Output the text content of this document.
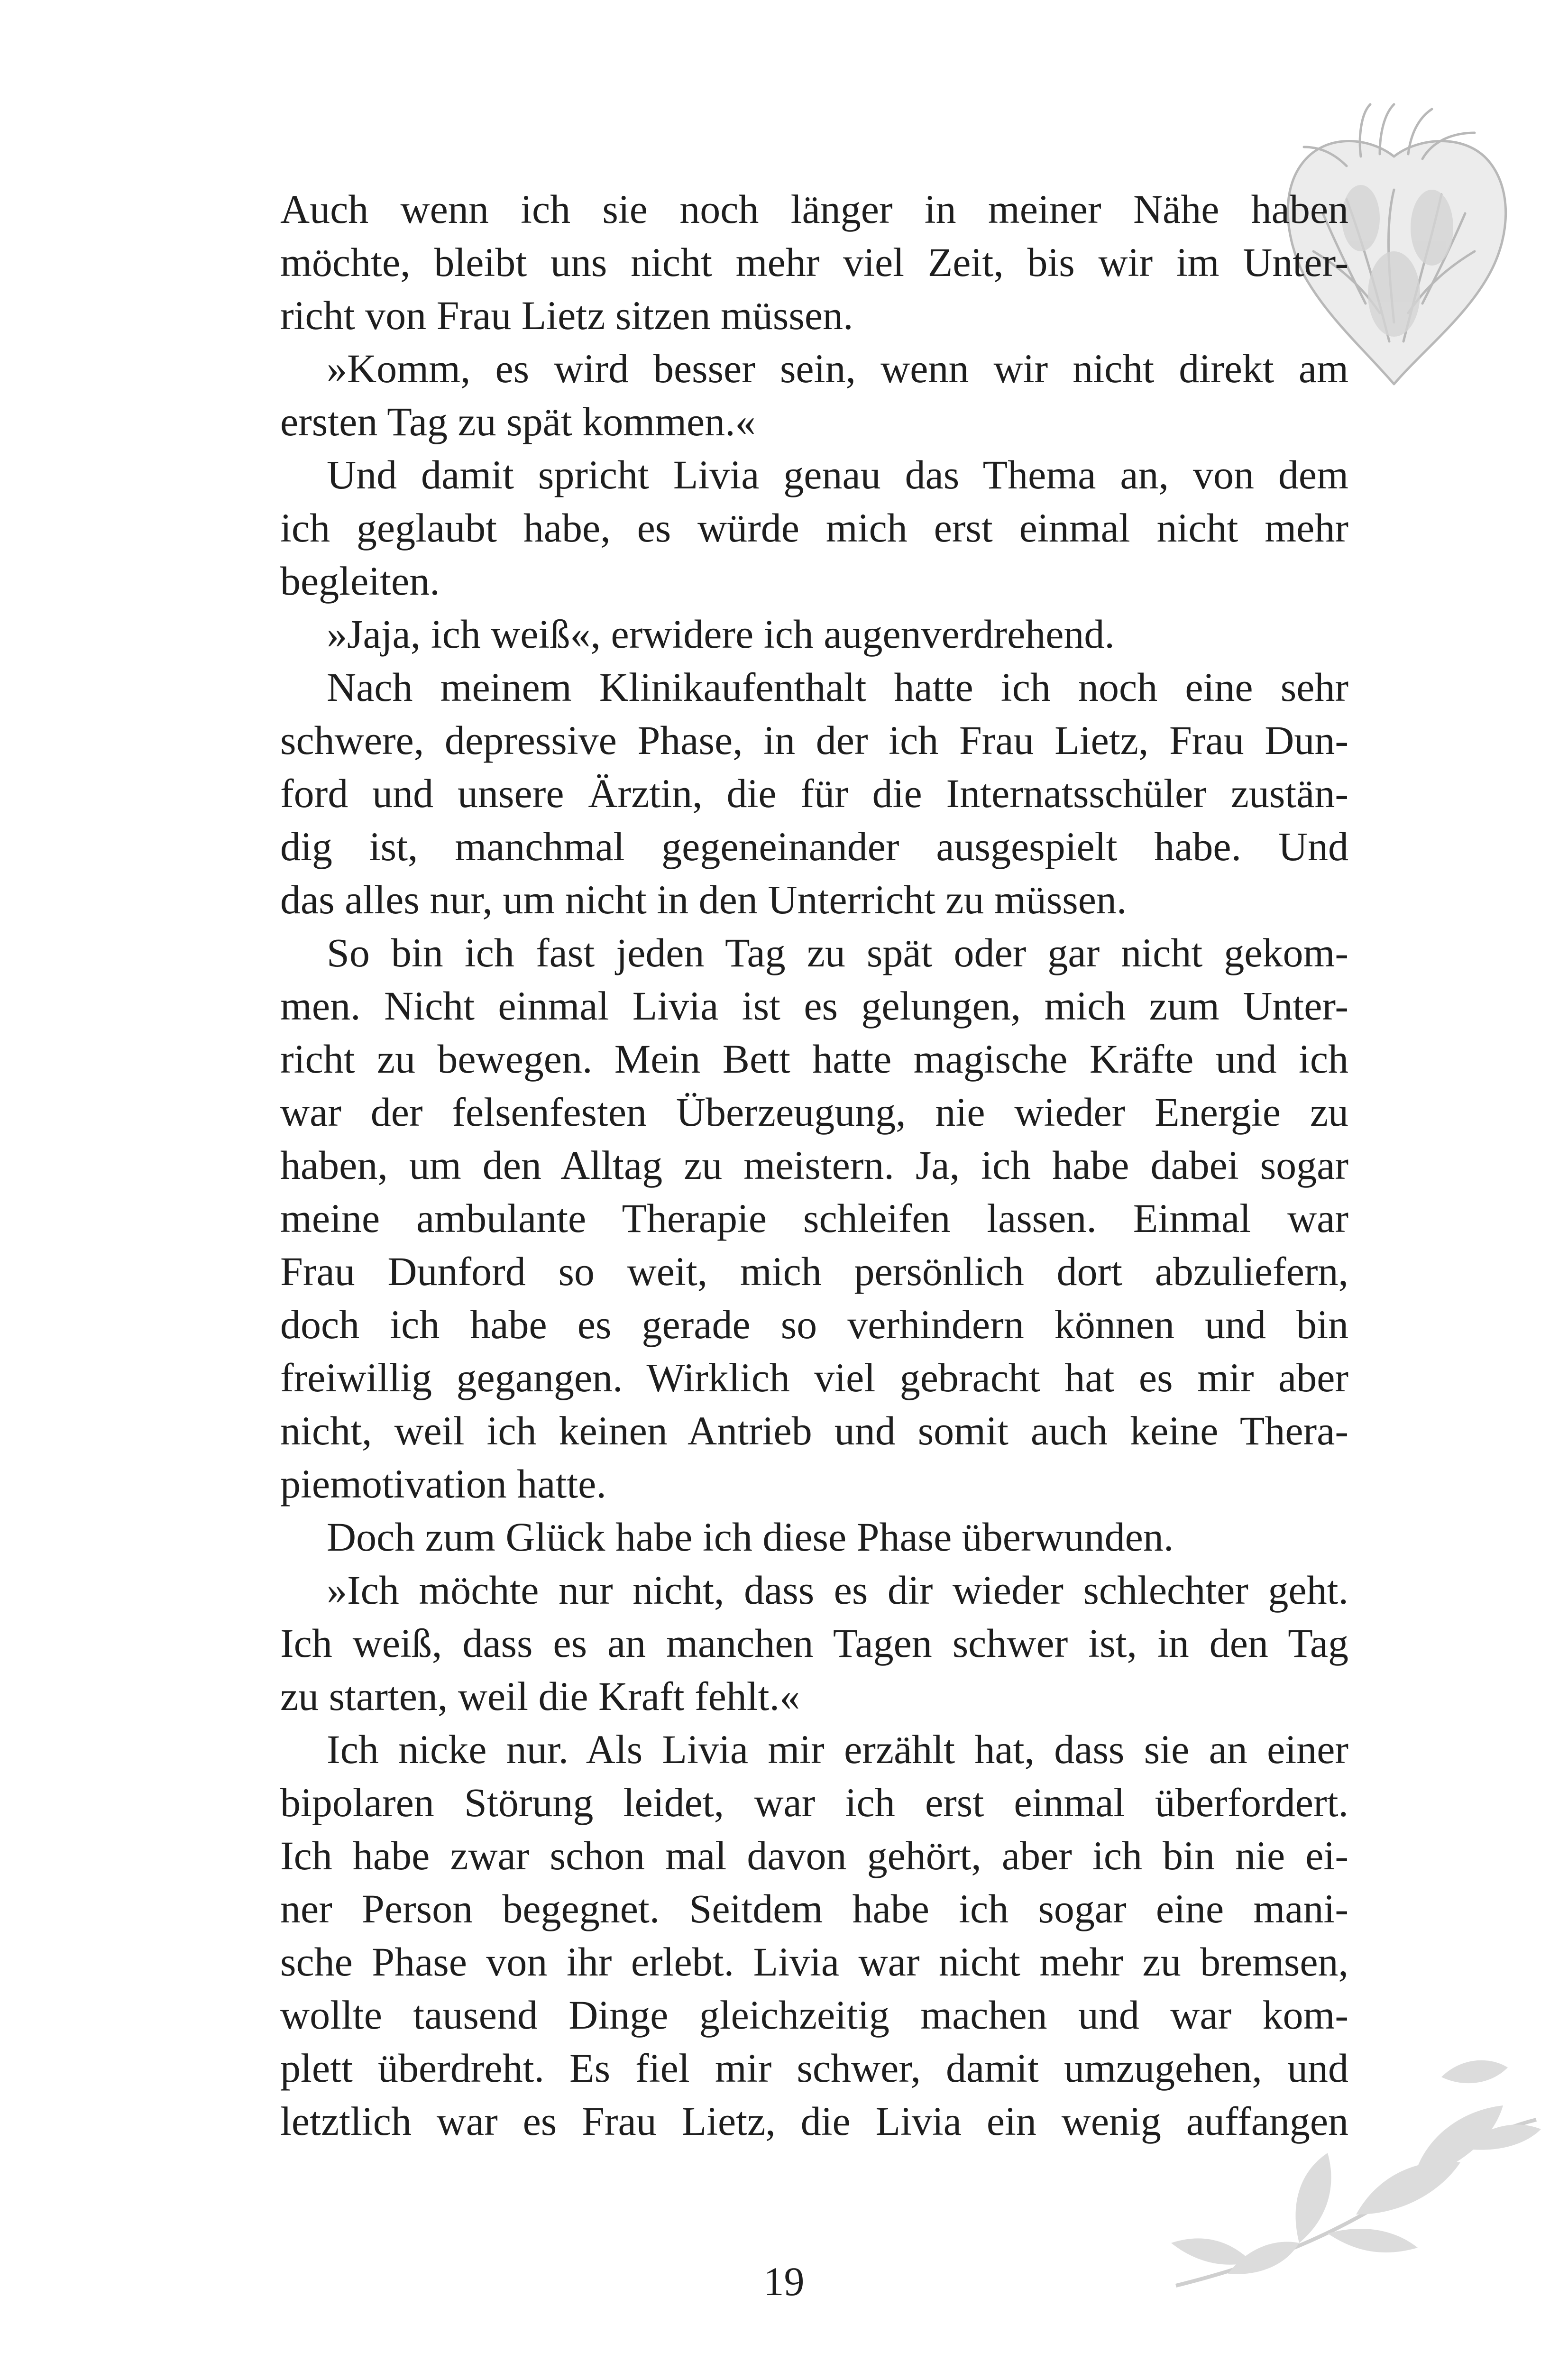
Auch wenn ich sie noch länger in meiner Nähe haben
möchte, bleibt uns nicht mehr viel Zeit, bis wir im Unter-
richt von Frau Lietz sitzen müssen.
»Komm, es wird besser sein, wenn wir nicht direkt am
ersten Tag zu spät kommen.«
Und damit spricht Livia genau das Thema an, von dem
ich geglaubt habe, es würde mich erst einmal nicht mehr
begleiten.
»Jaja, ich weiß«, erwidere ich augenverdrehend.
Nach meinem Klinikaufenthalt hatte ich noch eine sehr
schwere, depressive Phase, in der ich Frau Lietz, Frau Dun-
ford und unsere Ärztin, die für die Internatsschüler zustän-
dig ist, manchmal gegeneinander ausgespielt habe. Und
das alles nur, um nicht in den Unterricht zu müssen.
So bin ich fast jeden Tag zu spät oder gar nicht gekom-
men. Nicht einmal Livia ist es gelungen, mich zum Unter-
richt zu bewegen. Mein Bett hatte magische Kräfte und ich
war der felsenfesten Überzeugung, nie wieder Energie zu
haben, um den Alltag zu meistern. Ja, ich habe dabei sogar
meine ambulante Therapie schleifen lassen. Einmal war
Frau Dunford so weit, mich persönlich dort abzuliefern,
doch ich habe es gerade so verhindern können und bin
freiwillig gegangen. Wirklich viel gebracht hat es mir aber
nicht, weil ich keinen Antrieb und somit auch keine Thera-
piemotivation hatte.
Doch zum Glück habe ich diese Phase überwunden.
»Ich möchte nur nicht, dass es dir wieder schlechter geht.
Ich weiß, dass es an manchen Tagen schwer ist, in den Tag
zu starten, weil die Kraft fehlt.«
Ich nicke nur. Als Livia mir erzählt hat, dass sie an einer
bipolaren Störung leidet, war ich erst einmal überfordert.
Ich habe zwar schon mal davon gehört, aber ich bin nie ei-
ner Person begegnet. Seitdem habe ich sogar eine mani-
sche Phase von ihr erlebt. Livia war nicht mehr zu bremsen,
wollte tausend Dinge gleichzeitig machen und war kom-
plett überdreht. Es fiel mir schwer, damit umzugehen, und
letztlich war es Frau Lietz, die Livia ein wenig auffangen
19
